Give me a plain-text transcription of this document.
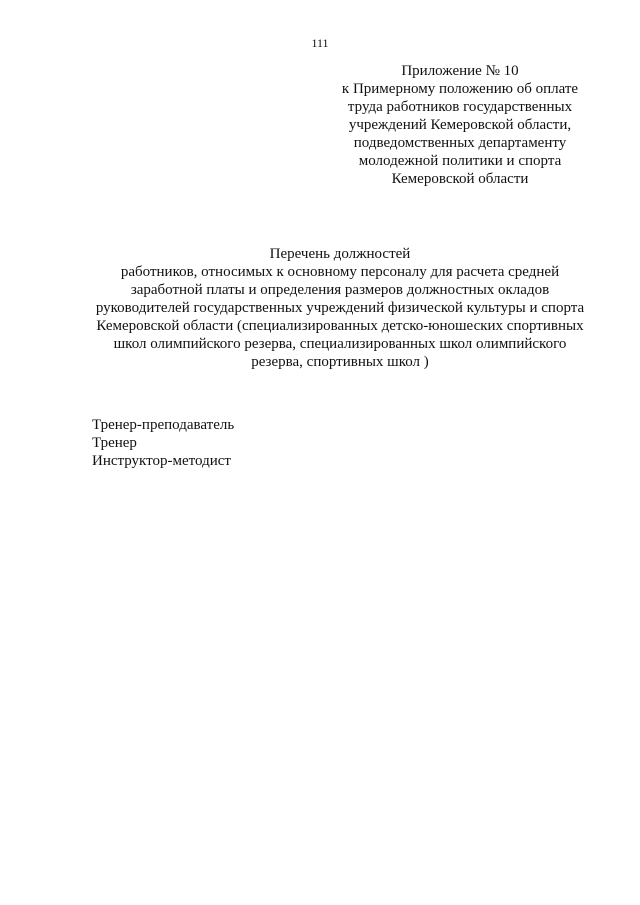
111
Приложение № 10
к Примерному положению об оплате
труда работников государственных
учреждений Кемеровской области,
подведомственных департаменту
молодежной политики и спорта
Кемеровской области
Перечень должностей
работников, относимых к основному персоналу для расчета средней
заработной платы и определения размеров должностных окладов
руководителей государственных учреждений физической культуры и спорта
Кемеровской области (специализированных детско-юношеских спортивных
школ олимпийского резерва, специализированных школ олимпийского
резерва, спортивных школ )
Тренер-преподаватель
Тренер
Инструктор-методист
